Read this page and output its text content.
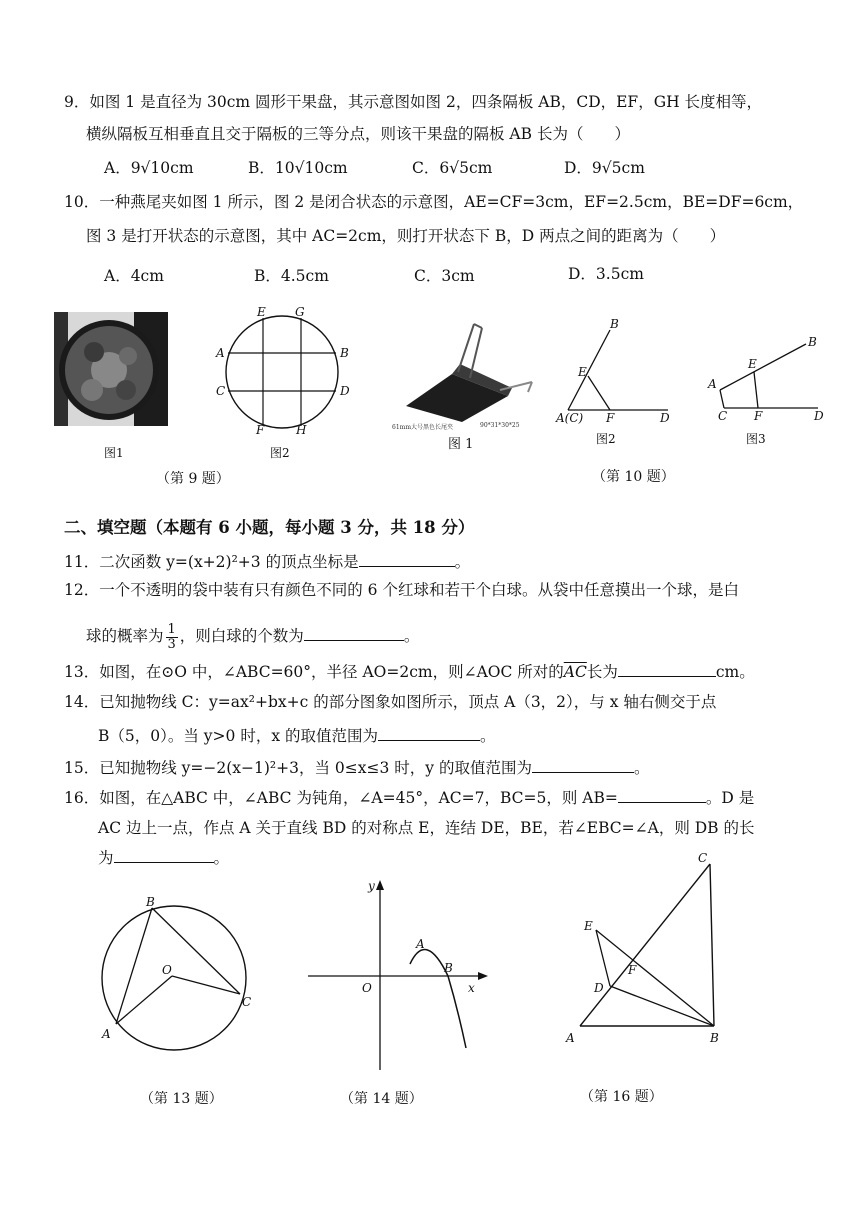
9．如图 1 是直径为 30cm 圆形干果盘，其示意图如图 2，四条隔板 AB，CD，EF，GH 长度相等，
横纵隔板互相垂直且交于隔板的三等分点，则该干果盘的隔板 AB 长为（　　）
A．9√10cm	B．10√10cm	C．6√5cm	D．9√5cm
10．一种燕尾夹如图 1 所示，图 2 是闭合状态的示意图，AE=CF=3cm，EF=2.5cm，BE=DF=6cm，
图 3 是打开状态的示意图，其中 AC=2cm，则打开状态下 B，D 两点之间的距离为（　　）
A．4cm	B．4.5cm	C．3cm	D．3.5cm
图1
E G
A	B
C	D
F	H
图2
61mm大号黑色长尾夹	90*31*30*25
图 1
B
E
A(C) F	D
图2
B
E
A
C F	D
图3
（第 9 题）	（第 10 题）
二、填空题（本题有 6 小题，每小题 3 分，共 18 分）
11．二次函数 y=(x+2)²+3 的顶点坐标是	。
12．一个不透明的袋中装有只有颜色不同的 6 个红球和若干个白球。从袋中任意摸出一个球，是白
球的概率为 $\frac{1}{3}$ ，则白球的个数为	。
13．如图，在⊙O 中，∠ABC=60°，半径 AO=2cm，则∠AOC 所对的$\overline{AC}$长为	cm。
14．已知抛物线 C：y=ax²+bx+c 的部分图象如图所示，顶点 A（3，2），与 x 轴右侧交于点
B（5，0）。当 y>0 时，x 的取值范围为	。
15．已知抛物线 y=−2(x−1)²+3，当 0≤x≤3 时，y 的取值范围为	。
16．如图，在△ABC 中，∠ABC 为钝角，∠A=45°，AC=7，BC=5，则 AB=	。D 是
AC 边上一点，作点 A 关于直线 BD 的对称点 E，连结 DE，BE，若∠EBC=∠A，则 DB 的长
为	。
B
O
A
C
（第 13 题）
y
A
B
O	x
（第 14 题）
C
E
F
D
A	B
（第 16 题）
